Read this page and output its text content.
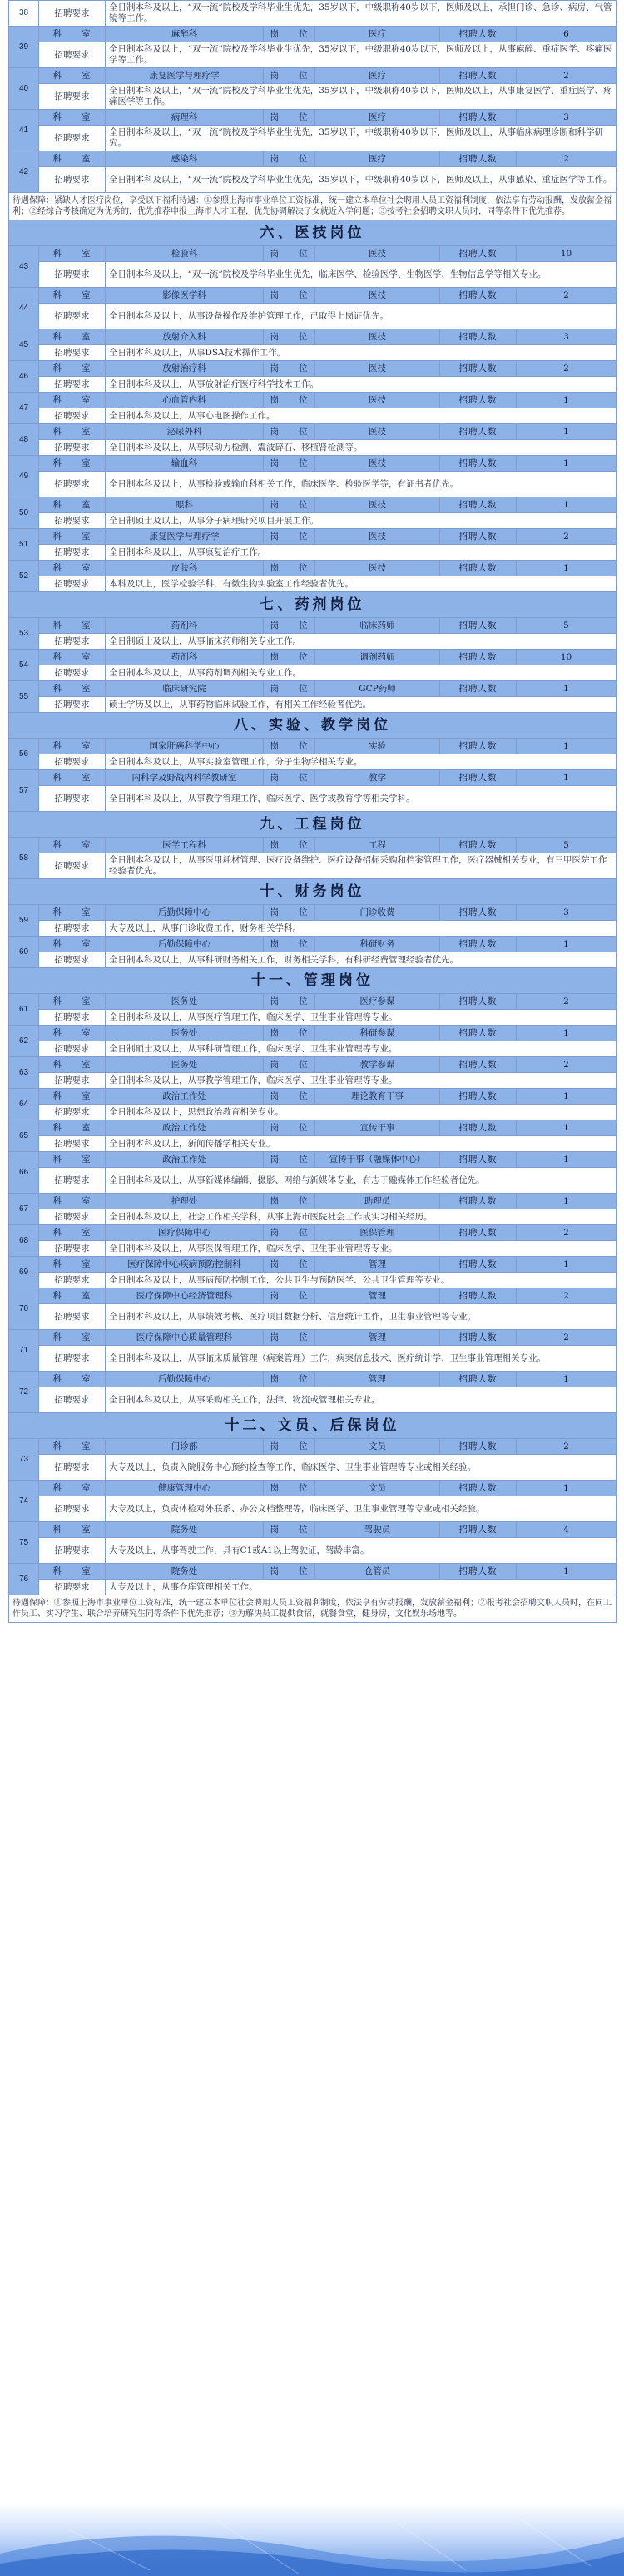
38	招聘要求	全日制本科及以上，“双一流”院校及学科毕业生优先，35岁以下，中级职称40岁以下，医师及以上，承担门诊、急诊、病房、气管镜等工作。				
39	科　　室	麻醉科	岗　　位	医疗	招聘人数	6
	招聘要求	全日制本科及以上，“双一流”院校及学科毕业生优先，35岁以下，中级职称40岁以下，医师及以上，从事麻醉、重症医学、疼痛医学等工作。				
40	科　　室	康复医学与理疗学	岗　　位	医疗	招聘人数	2
	招聘要求	全日制本科及以上，“双一流”院校及学科毕业生优先，35岁以下，中级职称40岁以下，医师及以上，从事康复医学、重症医学、疼痛医学等工作。				
41	科　　室	病理科	岗　　位	医疗	招聘人数	3
	招聘要求	全日制本科及以上，“双一流”院校及学科毕业生优先，35岁以下，中级职称40岁以下，医师及以上，从事临床病理诊断和科学研究。				
42	科　　室	感染科	岗　　位	医疗	招聘人数	2
	招聘要求	全日制本科及以上，“双一流”院校及学科毕业生优先，35岁以下，中级职称40岁以下，医师及以上，从事感染、重症医学等工作。				
待遇保障：紧缺人才医疗岗位，享受以下福利待遇：①参照上海市事业单位工资标准，统一建立本单位社会聘用人员工资福利制度，依法享有劳动报酬，发放薪金福利；②经综合考核确定为优秀的，优先推荐申报上海市人才工程，优先协调解决子女就近入学问题；③按考社会招聘文职人员时，同等条件下优先推荐。						
六、医技岗位						
43	科　　室	检验科	岗　　位	医技	招聘人数	10
	招聘要求	全日制本科及以上，“双一流”院校及学科毕业生优先，临床医学、检验医学、生物医学、生物信息学等相关专业。				
44	科　　室	影像医学科	岗　　位	医技	招聘人数	2
	招聘要求	全日制本科及以上，从事设备操作及维护管理工作，已取得上岗证优先。				
45	科　　室	放射介入科	岗　　位	医技	招聘人数	3
	招聘要求	全日制本科及以上，从事DSA技术操作工作。				
46	科　　室	放射治疗科	岗　　位	医技	招聘人数	2
	招聘要求	全日制本科及以上，从事放射治疗医疗科学技术工作。				
47	科　　室	心血管内科	岗　　位	医技	招聘人数	1
	招聘要求	全日制本科及以上，从事心电图操作工作。				
48	科　　室	泌尿外科	岗　　位	医技	招聘人数	1
	招聘要求	全日制本科及以上，从事尿动力检测、震波碎石、移植肾检测等。				
49	科　　室	输血科	岗　　位	医技	招聘人数	1
	招聘要求	全日制本科及以上，从事检验或输血科相关工作，临床医学、检验医学等，有证书者优先。				
50	科　　室	眼科	岗　　位	医技	招聘人数	1
	招聘要求	全日制硕士及以上，从事分子病理研究项目开展工作。				
51	科　　室	康复医学与理疗学	岗　　位	医技	招聘人数	2
	招聘要求	全日制本科及以上，从事康复治疗工作。				
52	科　　室	皮肤科	岗　　位	医技	招聘人数	1
	招聘要求	本科及以上，医学检验学科，有微生物实验室工作经验者优先。				
七、药剂岗位						
53	科　　室	药剂科	岗　　位	临床药师	招聘人数	5
	招聘要求	全日制硕士及以上，从事临床药师相关专业工作。				
54	科　　室	药剂科	岗　　位	调剂药师	招聘人数	10
	招聘要求	全日制本科及以上，从事药剂调剂相关专业工作。				
55	科　　室	临床研究院	岗　　位	GCP药师	招聘人数	1
	招聘要求	硕士学历及以上，从事药物临床试验工作，有相关工作经验者优先。				
八、实验、教学岗位						
56	科　　室	国家肝癌科学中心	岗　　位	实验	招聘人数	1
	招聘要求	全日制本科及以上，从事实验室管理工作，分子生物学相关专业。				
57	科　　室	内科学及野战内科学教研室	岗　　位	教学	招聘人数	1
	招聘要求	全日制本科及以上，从事教学管理工作，临床医学、医学或教育学等相关学科。				
九、工程岗位						
58	科　　室	医学工程科	岗　　位	工程	招聘人数	5
	招聘要求	全日制本科及以上，从事医用耗材管理、医疗设备维护、医疗设备招标采购和档案管理工作，医疗器械相关专业，有三甲医院工作经验者优先。				
十、财务岗位						
59	科　　室	后勤保障中心	岗　　位	门诊收费	招聘人数	3
	招聘要求	大专及以上，从事门诊收费工作，财务相关学科。				
60	科　　室	后勤保障中心	岗　　位	科研财务	招聘人数	1
	招聘要求	全日制本科及以上，从事科研财务相关工作，财务相关学科，有科研经费管理经验者优先。				
十一、管理岗位						
61	科　　室	医务处	岗　　位	医疗参谋	招聘人数	2
	招聘要求	全日制本科及以上，从事医疗管理工作，临床医学、卫生事业管理等专业。				
62	科　　室	医务处	岗　　位	科研参谋	招聘人数	1
	招聘要求	全日制硕士及以上，从事科研管理工作，临床医学、卫生事业管理等专业。				
63	科　　室	医务处	岗　　位	教学参谋	招聘人数	2
	招聘要求	全日制本科及以上，从事教学管理工作，临床医学、卫生事业管理等专业。				
64	科　　室	政治工作处	岗　　位	理论教育干事	招聘人数	1
	招聘要求	全日制本科及以上，思想政治教育相关专业。				
65	科　　室	政治工作处	岗　　位	宣传干事	招聘人数	1
	招聘要求	全日制本科及以上，新闻传播学相关专业。				
66	科　　室	政治工作处	岗　　位	宣传干事（融媒体中心）	招聘人数	1
	招聘要求	全日制本科及以上，从事新媒体编辑、摄影、网络与新媒体专业，有志于融媒体工作经验者优先。				
67	科　　室	护理处	岗　　位	助理员	招聘人数	1
	招聘要求	全日制本科及以上，社会工作相关学科，从事上海市医院社会工作或实习相关经历。				
68	科　　室	医疗保障中心	岗　　位	医保管理	招聘人数	2
	招聘要求	全日制本科及以上，从事医保管理工作，临床医学、卫生事业管理等专业。				
69	科　　室	医疗保障中心疾病预防控制科	岗　　位	管理	招聘人数	1
	招聘要求	全日制本科及以上，从事病预防控制工作，公共卫生与预防医学、公共卫生管理等专业。				
70	科　　室	医疗保障中心经济管理科	岗　　位	管理	招聘人数	2
	招聘要求	全日制本科及以上，从事绩效考核、医疗项目数据分析、信息统计工作，卫生事业管理等专业。				
71	科　　室	医疗保障中心质量管理科	岗　　位	管理	招聘人数	2
	招聘要求	全日制本科及以上，从事临床质量管理（病案管理）工作，病案信息技术、医疗统计学、卫生事业管理相关专业。				
72	科　　室	后勤保障中心	岗　　位	管理	招聘人数	1
	招聘要求	全日制本科及以上，从事采购相关工作，法律、物流或管理相关专业。				
十二、文员、后保岗位						
73	科　　室	门诊部	岗　　位	文员	招聘人数	2
	招聘要求	大专及以上，负责入院服务中心预约检查等工作，临床医学、卫生事业管理等专业或相关经验。				
74	科　　室	健康管理中心	岗　　位	文员	招聘人数	1
	招聘要求	大专及以上，负责体检对外联系、办公文档整理等，临床医学、卫生事业管理等专业或相关经验。				
75	科　　室	院务处	岗　　位	驾驶员	招聘人数	4
	招聘要求	大专及以上，从事驾驶工作，具有C1或A1以上驾驶证，驾龄丰富。				
76	科　　室	院务处	岗　　位	仓管员	招聘人数	1
	招聘要求	大专及以上，从事仓库管理相关工作。				
待遇保障：①参照上海市事业单位工资标准，统一建立本单位社会聘用人员工资福利制度，依法享有劳动报酬，发放薪金福利；②报考社会招聘文职人员时，在同工作员工、实习学生、联合培养研究生同等条件下优先推荐；③为解决员工提供食宿，就餐食堂，健身房，文化娱乐场地等。						
